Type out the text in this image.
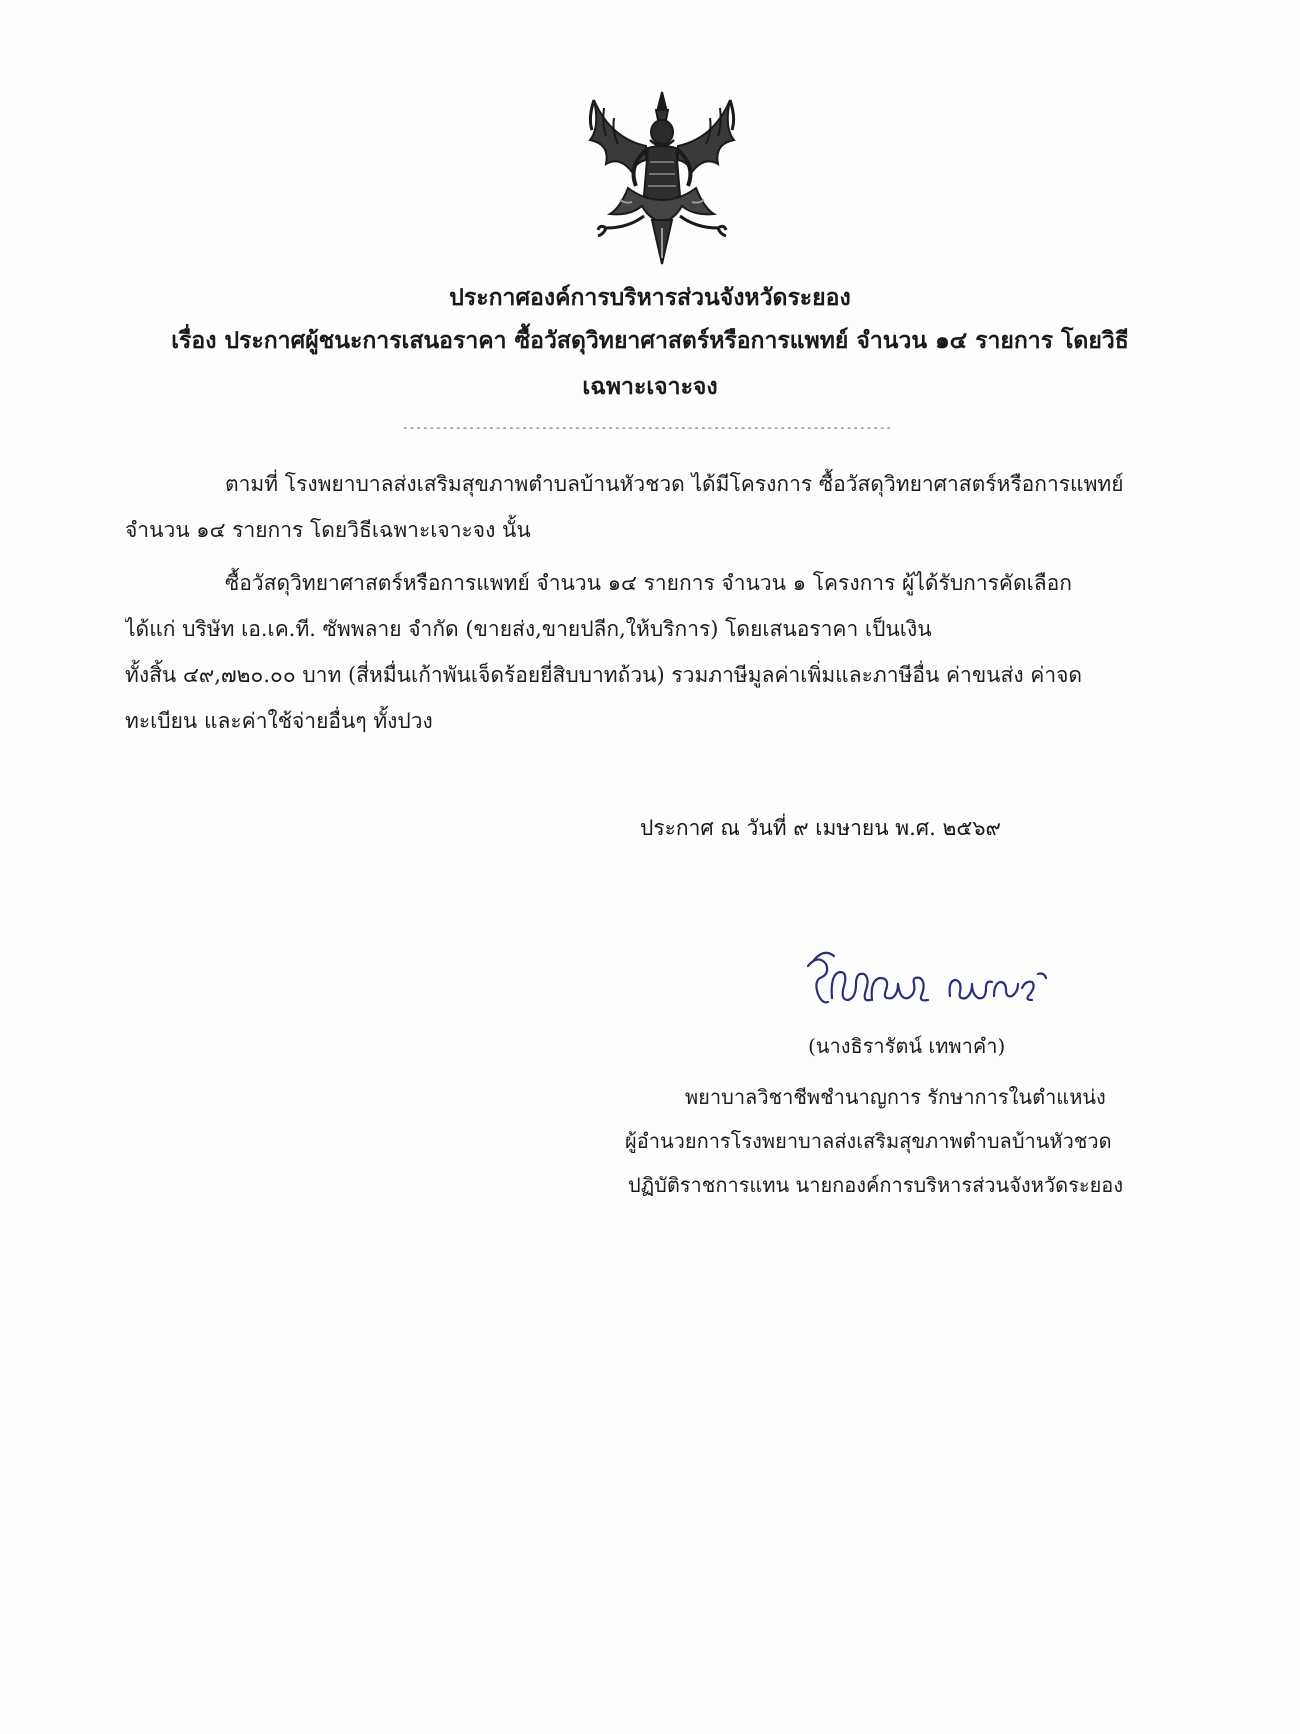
ประกาศองค์การบริหารส่วนจังหวัดระยอง
เรื่อง ประกาศผู้ชนะการเสนอราคา ซื้อวัสดุวิทยาศาสตร์หรือการแพทย์ จำนวน ๑๔ รายการ โดยวิธี
เฉพาะเจาะจง
--------------------------------------------------------------------------
ตามที่ โรงพยาบาลส่งเสริมสุขภาพตำบลบ้านหัวชวด ได้มีโครงการ ซื้อวัสดุวิทยาศาสตร์หรือการแพทย์
จำนวน ๑๔ รายการ โดยวิธีเฉพาะเจาะจง นั้น
ซื้อวัสดุวิทยาศาสตร์หรือการแพทย์ จำนวน ๑๔ รายการ จำนวน ๑ โครงการ ผู้ได้รับการคัดเลือก
ได้แก่ บริษัท เอ.เค.ที. ซัพพลาย จำกัด (ขายส่ง,ขายปลีก,ให้บริการ) โดยเสนอราคา เป็นเงิน
ทั้งสิ้น ๔๙,๗๒๐.๐๐ บาท (สี่หมื่นเก้าพันเจ็ดร้อยยี่สิบบาทถ้วน) รวมภาษีมูลค่าเพิ่มและภาษีอื่น ค่าขนส่ง ค่าจด
ทะเบียน และค่าใช้จ่ายอื่นๆ ทั้งปวง
ประกาศ ณ วันที่ ๙ เมษายน พ.ศ. ๒๕๖๙
(นางธิรารัตน์ เทพาคำ)
พยาบาลวิชาชีพชำนาญการ รักษาการในตำแหน่ง
ผู้อำนวยการโรงพยาบาลส่งเสริมสุขภาพตำบลบ้านหัวชวด
ปฏิบัติราชการแทน นายกองค์การบริหารส่วนจังหวัดระยอง
